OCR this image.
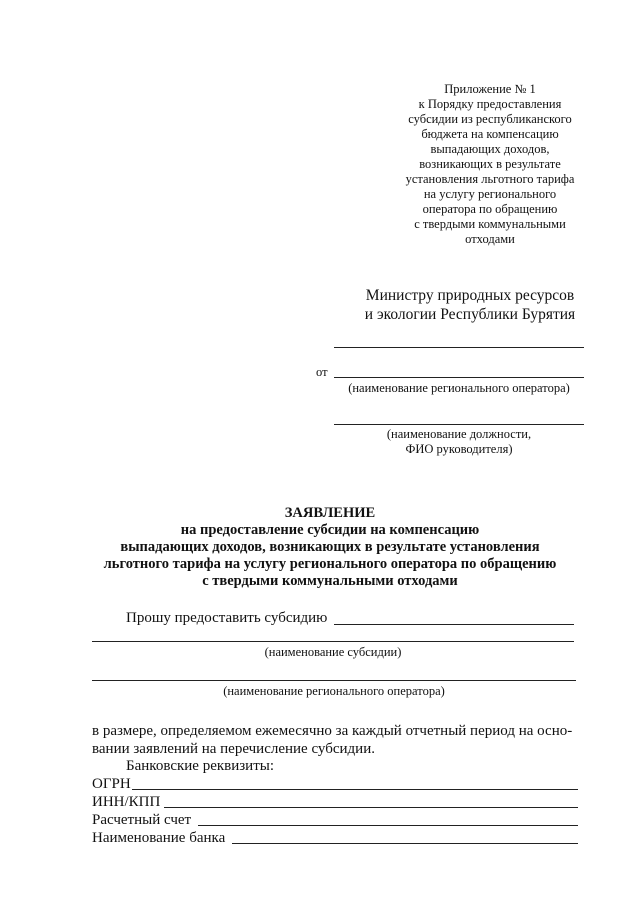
Приложение № 1
к Порядку предоставления
субсидии из республиканского
бюджета на компенсацию
выпадающих доходов,
возникающих в результате
установления льготного тарифа
на услугу регионального
оператора по обращению
с твердыми коммунальными
отходами
Министру природных ресурсов
и экологии Республики Бурятия
от
(наименование регионального оператора)
(наименование должности,
ФИО руководителя)
ЗАЯВЛЕНИЕ
на предоставление субсидии на компенсацию
выпадающих доходов, возникающих в результате установления
льготного тарифа на услугу регионального оператора по обращению
с твердыми коммунальными отходами
Прошу предоставить субсидию
(наименование субсидии)
(наименование регионального оператора)
в размере, определяемом ежемесячно за каждый отчетный период на осно-
вании заявлений на перечисление субсидии.
Банковские реквизиты:
ОГРН
ИНН/КПП
Расчетный счет
Наименование банка
